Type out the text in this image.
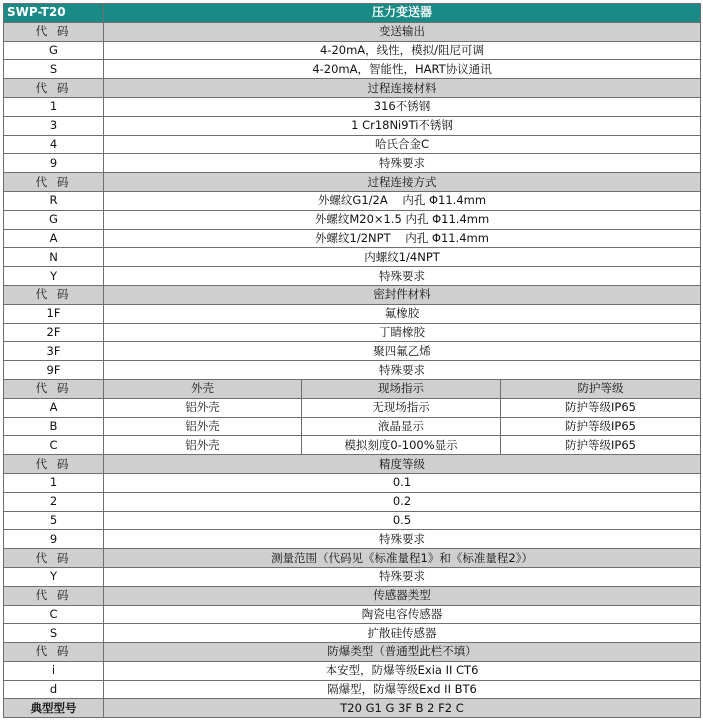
SWP-T20	压力变送器		
代 码	变送输出		
G	4-20mA，线性，模拟/阻尼可调		
S	4-20mA，智能性，HART协议通讯		
代 码	过程连接材料		
1	316不锈钢		
3	1 Cr18Ni9Ti不锈钢		
4	哈氏合金C		
9	特殊要求		
代 码	过程连接方式		
R	外螺纹G1/2A    内孔 Φ11.4mm		
G	外螺纹M20×1.5 内孔 Φ11.4mm		
A	外螺纹1/2NPT    内孔 Φ11.4mm		
N	内螺纹1/4NPT		
Y	特殊要求		
代 码	密封件材料		
1F	氟橡胶		
2F	丁睛橡胶		
3F	聚四氟乙烯		
9F	特殊要求		
代 码	外壳	现场指示	防护等级
A	铝外壳	无现场指示	防护等级IP65
B	铝外壳	液晶显示	防护等级IP65
C	铝外壳	模拟刻度0-100%显示	防护等级IP65
代 码	精度等级		
1	0.1		
2	0.2		
5	0.5		
9	特殊要求		
代 码	测量范围（代码见《标准量程1》和《标准量程2》）		
Y	特殊要求		
代 码	传感器类型		
C	陶瓷电容传感器		
S	扩散硅传感器		
代 码	防爆类型（普通型此栏不填）		
i	本安型，防爆等级Exia II CT6		
d	隔爆型，防爆等级Exd II BT6		
典型型号	T20 G1 G 3F B 2 F2 C		
